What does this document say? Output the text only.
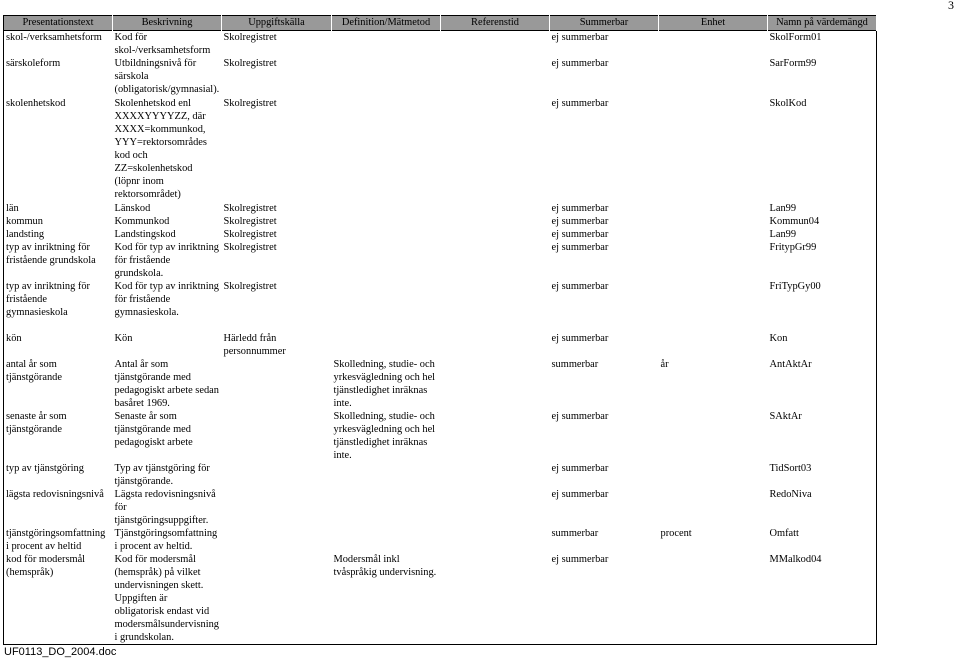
3
Presentationstext	Beskrivning	Uppgiftskälla	Definition/Mätmetod	Referenstid	Summerbar	Enhet	Namn på värdemängd
skol-/verksamhetsform	Kod för skol-/verksamhetsform	Skolregistret			ej summerbar		SkolForm01
särskoleform	Utbildningsnivå för särskola (obligatorisk/gymnasial).	Skolregistret			ej summerbar		SarForm99
skolenhetskod	Skolenhetskod enl XXXXYYYYZZ, där XXXX=kommunkod, YYY=rektorsområdes kod och ZZ=skolenhetskod (löpnr inom rektorsområdet)	Skolregistret			ej summerbar		SkolKod
län	Länskod	Skolregistret			ej summerbar		Lan99
kommun	Kommunkod	Skolregistret			ej summerbar		Kommun04
landsting	Landstingskod	Skolregistret			ej summerbar		Lan99
typ av inriktning för fristående grundskola	Kod för typ av inriktning för fristående grundskola.	Skolregistret			ej summerbar		FritypGr99
typ av inriktning för fristående gymnasieskola	Kod för typ av inriktning för fristående gymnasieskola.	Skolregistret			ej summerbar		FriTypGy00
kön	Kön	Härledd från personnummer			ej summerbar		Kon
antal år som tjänstgörande	Antal år som tjänstgörande med pedagogiskt arbete sedan basåret 1969.		Skolledning, studie- och yrkesvägledning och hel tjänstledighet inräknas inte.		summerbar	år	AntAktAr
senaste år som tjänstgörande	Senaste år som tjänstgörande med pedagogiskt arbete		Skolledning, studie- och yrkesvägledning och hel tjänstledighet inräknas inte.		ej summerbar		SAktAr
typ av tjänstgöring	Typ av tjänstgöring för tjänstgörande.				ej summerbar		TidSort03
lägsta redovisningsnivå	Lägsta redovisningsnivå för tjänstgöringsuppgifter.				ej summerbar		RedoNiva
tjänstgöringsomfattning i procent av heltid	Tjänstgöringsomfattning i procent av heltid.				summerbar	procent	Omfatt
kod för modersmål (hemspråk)	Kod för modersmål (hemspråk) på vilket undervisningen skett. Uppgiften är obligatorisk endast vid modersmålsundervisning i grundskolan.		Modersmål inkl tvåspråkig undervisning.		ej summerbar		MMalkod04
UF0113_DO_2004.doc
